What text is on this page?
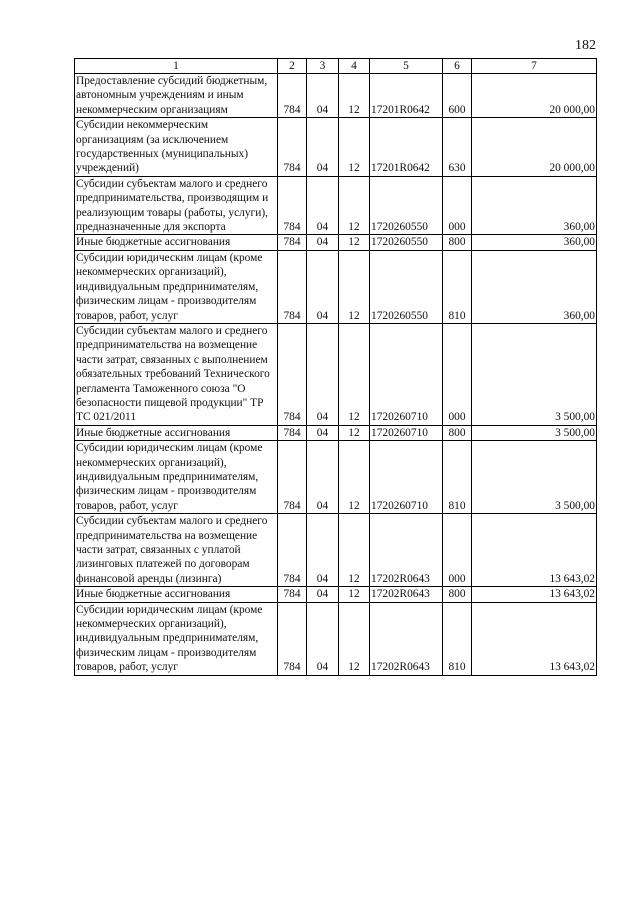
182
1	2	3	4	5	6	7
Предоставление субсидий бюджетным, автономным учреждениям и иным некоммерческим организациям	784	04	12	17201R0642	600	20 000,00
Субсидии некоммерческим организациям (за исключением государственных (муниципальных) учреждений)	784	04	12	17201R0642	630	20 000,00
Субсидии субъектам малого и среднего предпринимательства, производящим и реализующим товары (работы, услуги), предназначенные для экспорта	784	04	12	1720260550	000	360,00
Иные бюджетные ассигнования	784	04	12	1720260550	800	360,00
Субсидии юридическим лицам (кроме некоммерческих организаций), индивидуальным предпринимателям, физическим лицам - производителям товаров, работ, услуг	784	04	12	1720260550	810	360,00
Субсидии субъектам малого и среднего предпринимательства на возмещение части затрат, связанных с выполнением обязательных требований Технического регламента Таможенного союза "О безопасности пищевой продукции" ТР ТС 021/2011	784	04	12	1720260710	000	3 500,00
Иные бюджетные ассигнования	784	04	12	1720260710	800	3 500,00
Субсидии юридическим лицам (кроме некоммерческих организаций), индивидуальным предпринимателям, физическим лицам - производителям товаров, работ, услуг	784	04	12	1720260710	810	3 500,00
Субсидии субъектам малого и среднего предпринимательства на возмещение части затрат, связанных с уплатой лизинговых платежей по договорам финансовой аренды (лизинга)	784	04	12	17202R0643	000	13 643,02
Иные бюджетные ассигнования	784	04	12	17202R0643	800	13 643,02
Субсидии юридическим лицам (кроме некоммерческих организаций), индивидуальным предпринимателям, физическим лицам - производителям товаров, работ, услуг	784	04	12	17202R0643	810	13 643,02
